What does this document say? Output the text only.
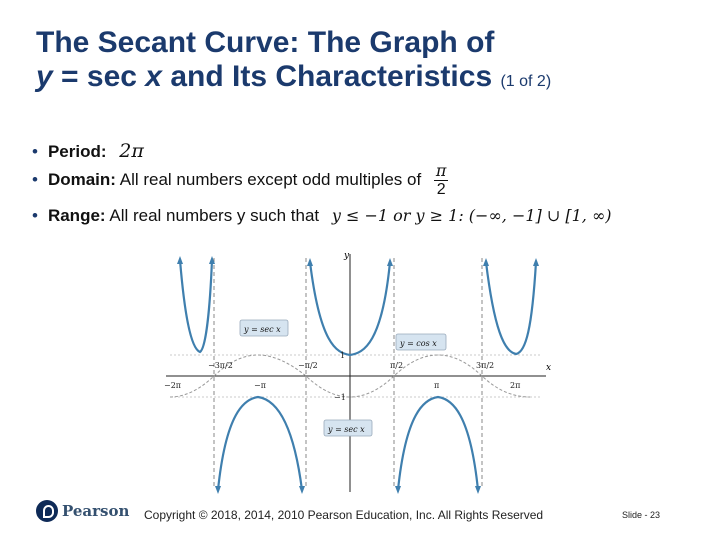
The Secant Curve: The Graph of
y = sec x and Its Characteristics (1 of 2)
• Period: 2π
• Domain: All real numbers except odd multiples of $\frac{\pi}{2}$
• Range: All real numbers y such that y ≤ −1 or y ≥ 1: (−∞, −1] ∪ [1, ∞)
x
y
−2π
−3π/2
−π
−π/2	π/2
π
3π/2
2π
1
−1
y = sec x
y = cos x
y = sec x
Pearson Copyright © 2018, 2014, 2010 Pearson Education, Inc. All Rights Reserved	Slide - 23
